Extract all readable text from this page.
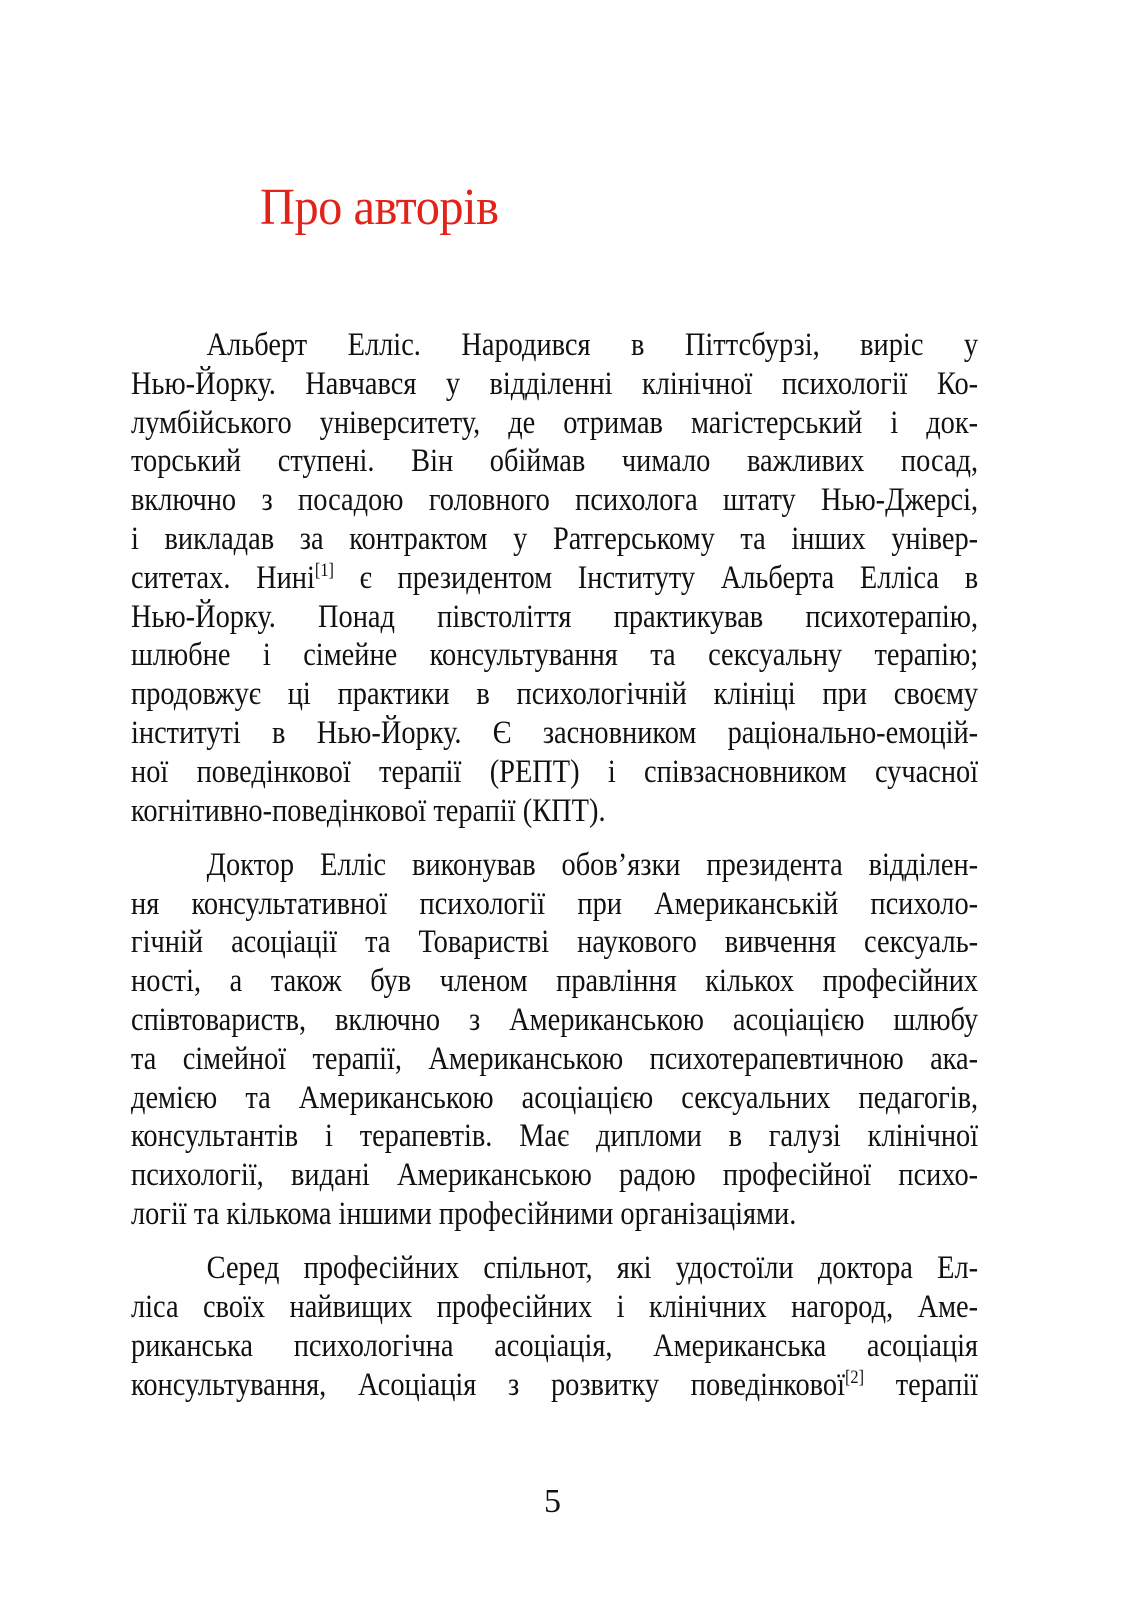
Про авторів
Альберт Елліс. Народився в Піттсбурзі, виріс у
Нью-Йорку. Навчався у відділенні клінічної психології Ко-
лумбійського університету, де отримав магістерський і док-
торський ступені. Він обіймав чимало важливих посад,
включно з посадою головного психолога штату Нью-Джерсі,
і викладав за контрактом у Ратгерському та інших універ-
ситетах. Нині[1] є президентом Інституту Альберта Елліса в
Нью-Йорку. Понад півстоліття практикував психотерапію,
шлюбне і сімейне консультування та сексуальну терапію;
продовжує ці практики в психологічній клініці при своєму
інституті в Нью-Йорку. Є засновником раціонально-емоцій-
ної поведінкової терапії (РЕПТ) і співзасновником сучасної
когнітивно-поведінкової терапії (КПТ).
Доктор Елліс виконував обов’язки президента відділен-
ня консультативної психології при Американській психоло-
гічній асоціації та Товаристві наукового вивчення сексуаль-
ності, а також був членом правління кількох професійних
співтовариств, включно з Американською асоціацією шлюбу
та сімейної терапії, Американською психотерапевтичною ака-
демією та Американською асоціацією сексуальних педагогів,
консультантів і терапевтів. Має дипломи в галузі клінічної
психології, видані Американською радою професійної психо-
логії та кількома іншими професійними організаціями.
Серед професійних спільнот, які удостоїли доктора Ел-
ліса своїх найвищих професійних і клінічних нагород, Аме-
риканська психологічна асоціація, Американська асоціація
консультування, Асоціація з розвитку поведінкової[2] терапії
5
